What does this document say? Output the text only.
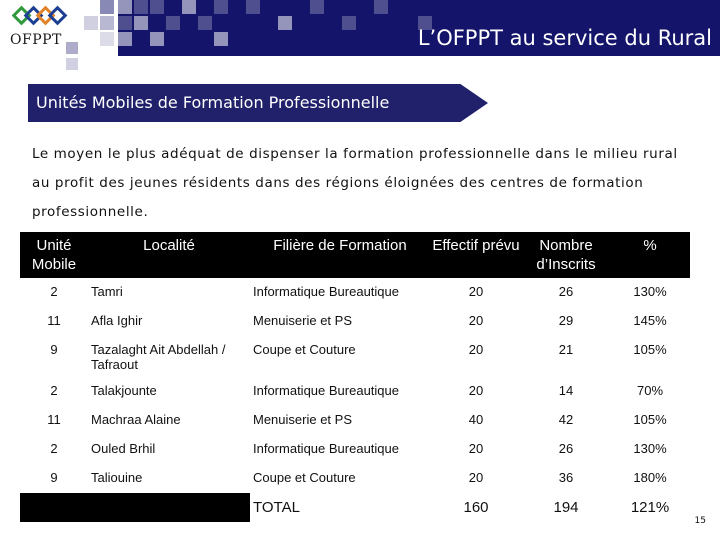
OFPPT	L’OFPPT au service du Rural
Unités Mobiles de Formation Professionnelle
Le moyen le plus adéquat de dispenser la formation professionnelle dans le milieu rural au profit des jeunes résidents dans des régions éloignées des centres de formation professionnelle.
Unité Mobile	Localité	Filière de Formation	Effectif prévu	Nombre d’Inscrits	%
2	Tamri	Informatique Bureautique	20	26	130%
11	Afla Ighir	Menuiserie et PS	20	29	145%
9	Tazalaght Ait Abdellah / Tafraout	Coupe et Couture	20	21	105%
2	Talakjounte	Informatique Bureautique	20	14	70%
11	Machraa Alaine	Menuiserie et PS	40	42	105%
2	Ouled Brhil	Informatique Bureautique	20	26	130%
9	Taliouine	Coupe et Couture	20	36	180%
		TOTAL	160	194	121%
15
